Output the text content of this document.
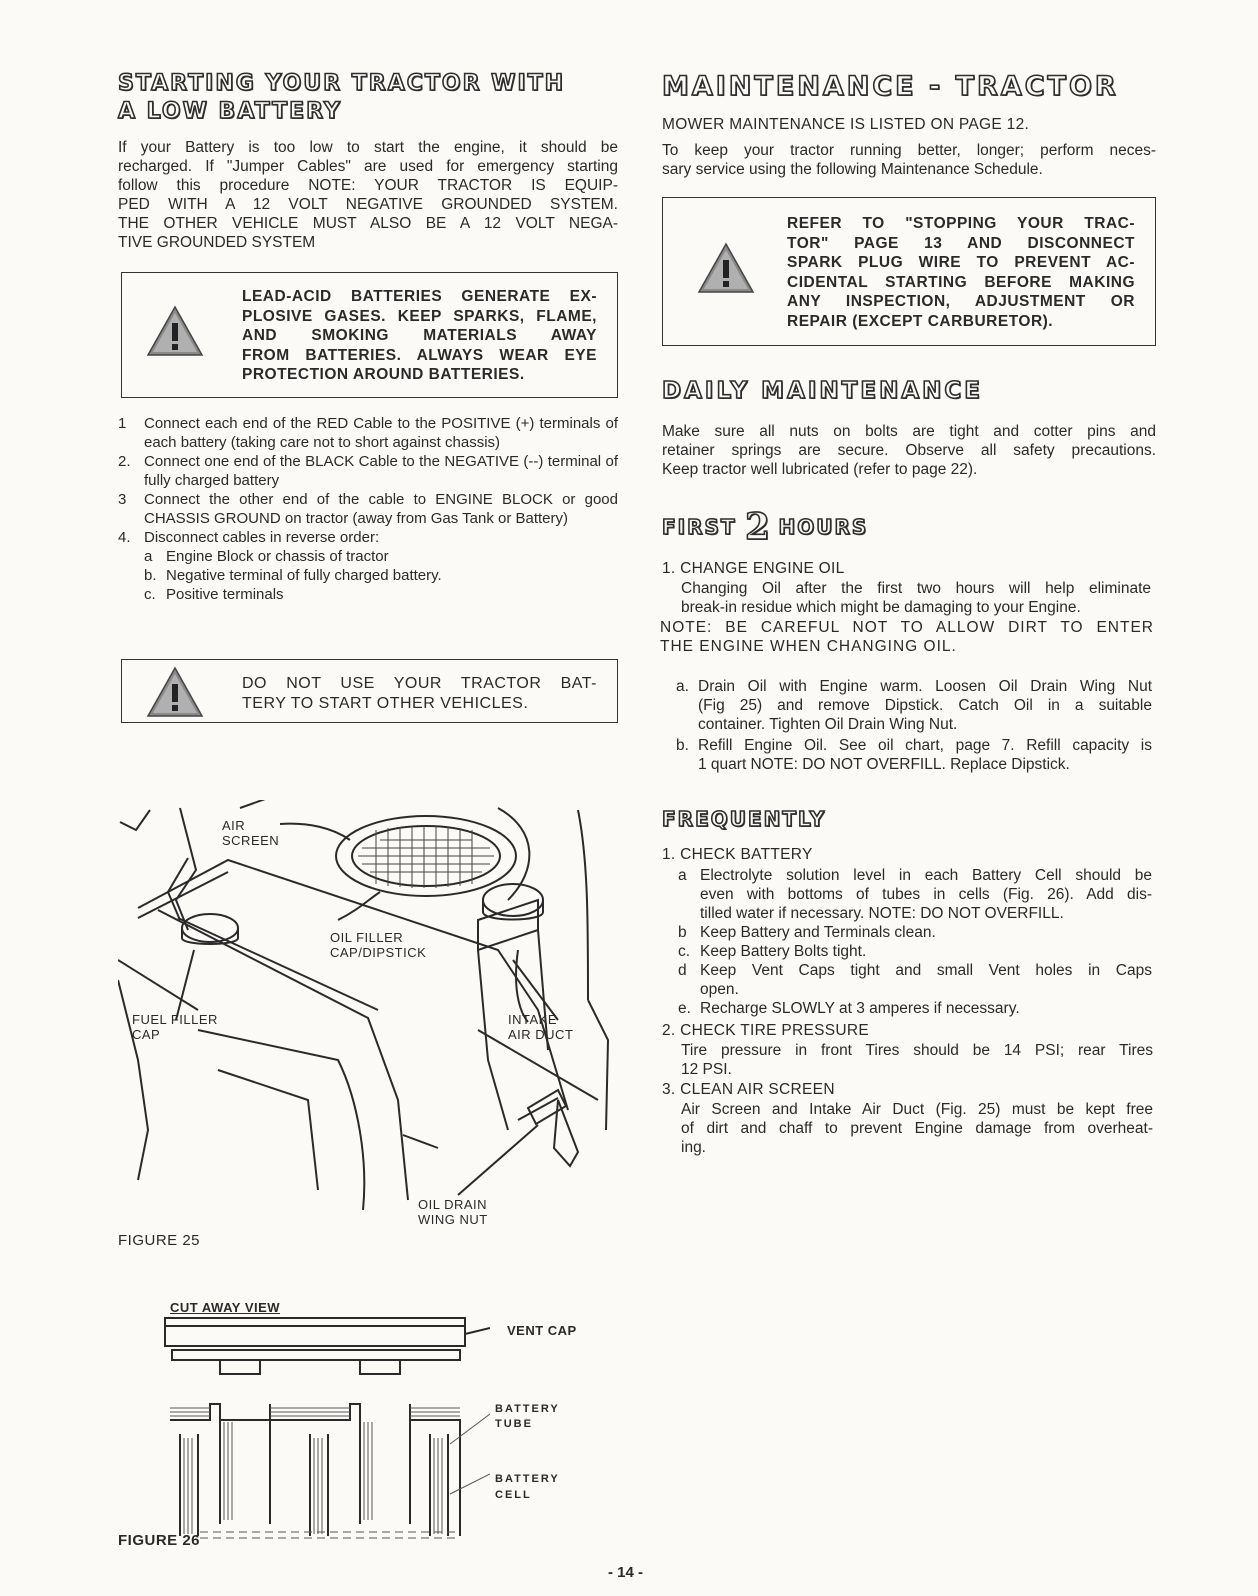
STARTING YOUR TRACTOR WITH
A LOW BATTERY
If your Battery is too low to start the engine, it should be
recharged. If "Jumper Cables" are used for emergency starting
follow this procedure NOTE: YOUR TRACTOR IS EQUIP-
PED WITH A 12 VOLT NEGATIVE GROUNDED SYSTEM.
THE OTHER VEHICLE MUST ALSO BE A 12 VOLT NEGA-
TIVE GROUNDED SYSTEM
LEAD-ACID BATTERIES GENERATE EX-
PLOSIVE GASES. KEEP SPARKS, FLAME,
AND SMOKING MATERIALS AWAY
FROM BATTERIES. ALWAYS WEAR EYE
PROTECTION AROUND BATTERIES.
1 Connect each end of the RED Cable to the POSITIVE (+) terminals of each battery (taking care not to short against chassis)
2. Connect one end of the BLACK Cable to the NEGATIVE (--) terminal of fully charged battery
3 Connect the other end of the cable to ENGINE BLOCK or good CHASSIS GROUND on tractor (away from Gas Tank or Battery)
4. Disconnect cables in reverse order:
a Engine Block or chassis of tractor
b. Negative terminal of fully charged battery.
c. Positive terminals
DO NOT USE YOUR TRACTOR BAT-
TERY TO START OTHER VEHICLES.
AIR
SCREEN
OIL FILLER
CAP/DIPSTICK
FUEL FILLER
CAP
INTAKE
AIR DUCT
OIL DRAIN
WING NUT
FIGURE 25
CUT AWAY VIEW
VENT CAP
BATTERY
TUBE
BATTERY
CELL
FIGURE 26
- 14 -
MAINTENANCE - TRACTOR
MOWER MAINTENANCE IS LISTED ON PAGE 12.
To keep your tractor running better, longer; perform neces-
sary service using the following Maintenance Schedule.
REFER TO "STOPPING YOUR TRAC-
TOR" PAGE 13 AND DISCONNECT
SPARK PLUG WIRE TO PREVENT AC-
CIDENTAL STARTING BEFORE MAKING
ANY INSPECTION, ADJUSTMENT OR
REPAIR (EXCEPT CARBURETOR).
DAILY MAINTENANCE
Make sure all nuts on bolts are tight and cotter pins and
retainer springs are secure. Observe all safety precautions.
Keep tractor well lubricated (refer to page 22).
FIRST 2 HOURS
1. CHANGE ENGINE OIL
Changing Oil after the first two hours will help eliminate
break-in residue which might be damaging to your Engine.
NOTE: BE CAREFUL NOT TO ALLOW DIRT TO ENTER
THE ENGINE WHEN CHANGING OIL.
a. Drain Oil with Engine warm. Loosen Oil Drain Wing Nut
(Fig 25) and remove Dipstick. Catch Oil in a suitable
container. Tighten Oil Drain Wing Nut.
b. Refill Engine Oil. See oil chart, page 7. Refill capacity is
1 quart NOTE: DO NOT OVERFILL. Replace Dipstick.
FREQUENTLY
1. CHECK BATTERY
a Electrolyte solution level in each Battery Cell should be
even with bottoms of tubes in cells (Fig. 26). Add dis-
tilled water if necessary. NOTE: DO NOT OVERFILL.
b Keep Battery and Terminals clean.
c. Keep Battery Bolts tight.
d Keep Vent Caps tight and small Vent holes in Caps
open.
e. Recharge SLOWLY at 3 amperes if necessary.
2. CHECK TIRE PRESSURE
Tire pressure in front Tires should be 14 PSI; rear Tires
12 PSI.
3. CLEAN AIR SCREEN
Air Screen and Intake Air Duct (Fig. 25) must be kept free
of dirt and chaff to prevent Engine damage from overheat-
ing.
